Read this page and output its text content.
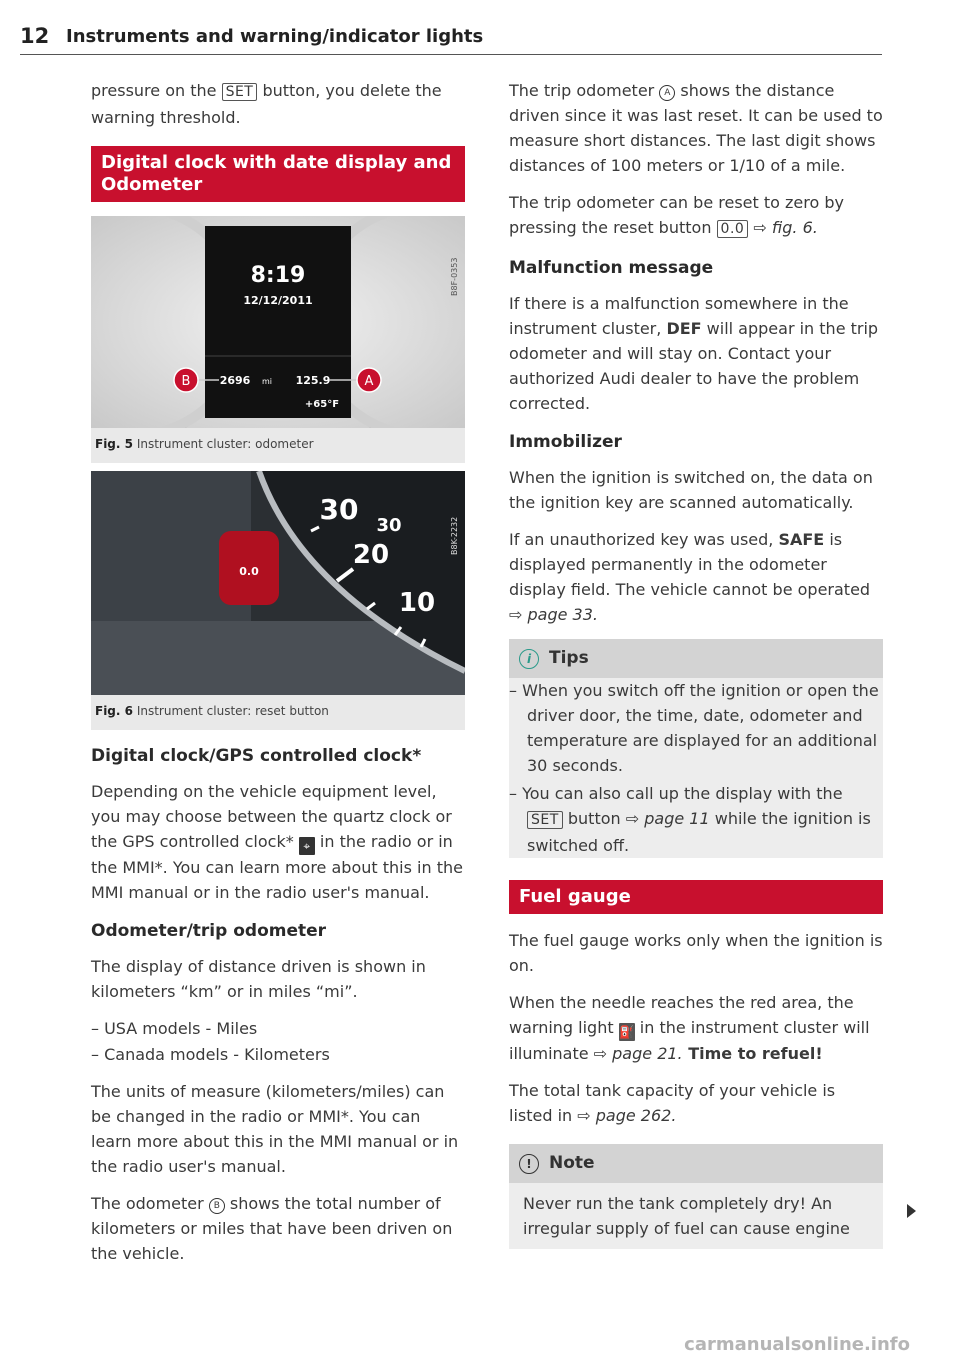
12 Instruments and warning/indicator lights

pressure on the SET button, you delete the warning threshold.

Digital clock with date display and Odometer
8:19
12/12/2011
2696 mi 125.9
+65°F
B	A
B8F-0353
Fig. 5 Instrument cluster: odometer
0.0
30 30
20
10
B8K-2232
Fig. 6 Instrument cluster: reset button
Digital clock/GPS controlled clock*

Depending on the vehicle equipment level, you may choose between the quartz clock or the GPS controlled clock* ⌖ in the radio or in the MMI*. You can learn more about this in the MMI manual or in the radio user's manual.

Odometer/trip odometer

The display of distance driven is shown in kilometers “km” or in miles “mi”.

– USA models - Miles
– Canada models - Kilometers

The units of measure (kilometers/miles) can be changed in the radio or MMI*. You can learn more about this in the MMI manual or in the radio user's manual.

The odometer B shows the total number of kilometers or miles that have been driven on the vehicle.

The trip odometer A shows the distance driven since it was last reset. It can be used to measure short distances. The last digit shows distances of 100 meters or 1/10 of a mile.

The trip odometer can be reset to zero by pressing the reset button 0.0 ⇨ fig. 6.

Malfunction message

If there is a malfunction somewhere in the instrument cluster, DEF will appear in the trip odometer and will stay on. Contact your authorized Audi dealer to have the problem corrected.

Immobilizer

When the ignition is switched on, the data on the ignition key are scanned automatically.

If an unauthorized key was used, SAFE is displayed permanently in the odometer display field. The vehicle cannot be operated ⇨ page 33.

i Tips
– When you switch off the ignition or open the driver door, the time, date, odometer and temperature are displayed for an additional 30 seconds.
– You can also call up the display with the SET button ⇨ page 11 while the ignition is switched off.
Fuel gauge

The fuel gauge works only when the ignition is on.

When the needle reaches the red area, the warning light ⛽ in the instrument cluster will illuminate ⇨ page 21. Time to refuel!

The total tank capacity of your vehicle is listed in ⇨ page 262.

! Note
Never run the tank completely dry! An irregular supply of fuel can cause engine
carmanualsonline.info
